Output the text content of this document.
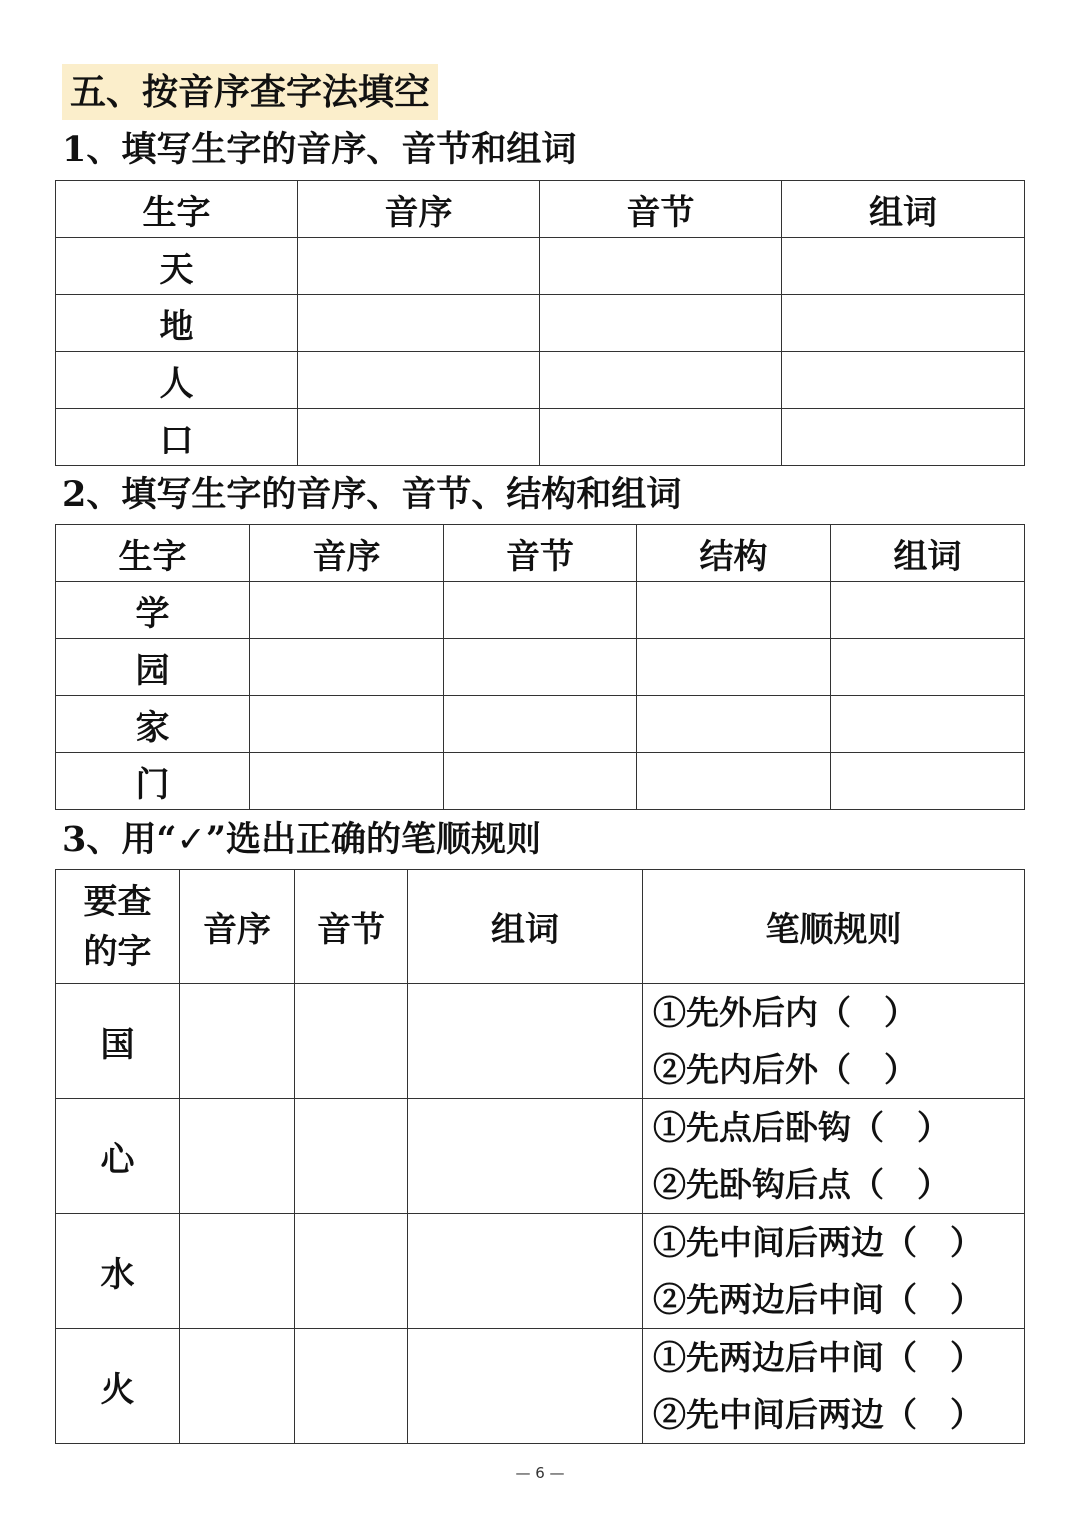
五、按音序查字法填空
1、填写生字的音序、音节和组词
生字	音序	音节	组词
天			
地			
人			
口			
2、填写生字的音序、音节、结构和组词
生字	音序	音节	结构	组词
学				
园				
家				
门				
3、用“✓”选出正确的笔顺规则
要查
的字	音序	音节	组词	笔顺规则
国				①先外后内（　）
②先内后外（　）

心				①先点后卧钩（　）
②先卧钩后点（　）

水				①先中间后两边（　）
②先两边后中间（　）

火				①先两边后中间（　）
②先中间后两边（　）
— 6 —
